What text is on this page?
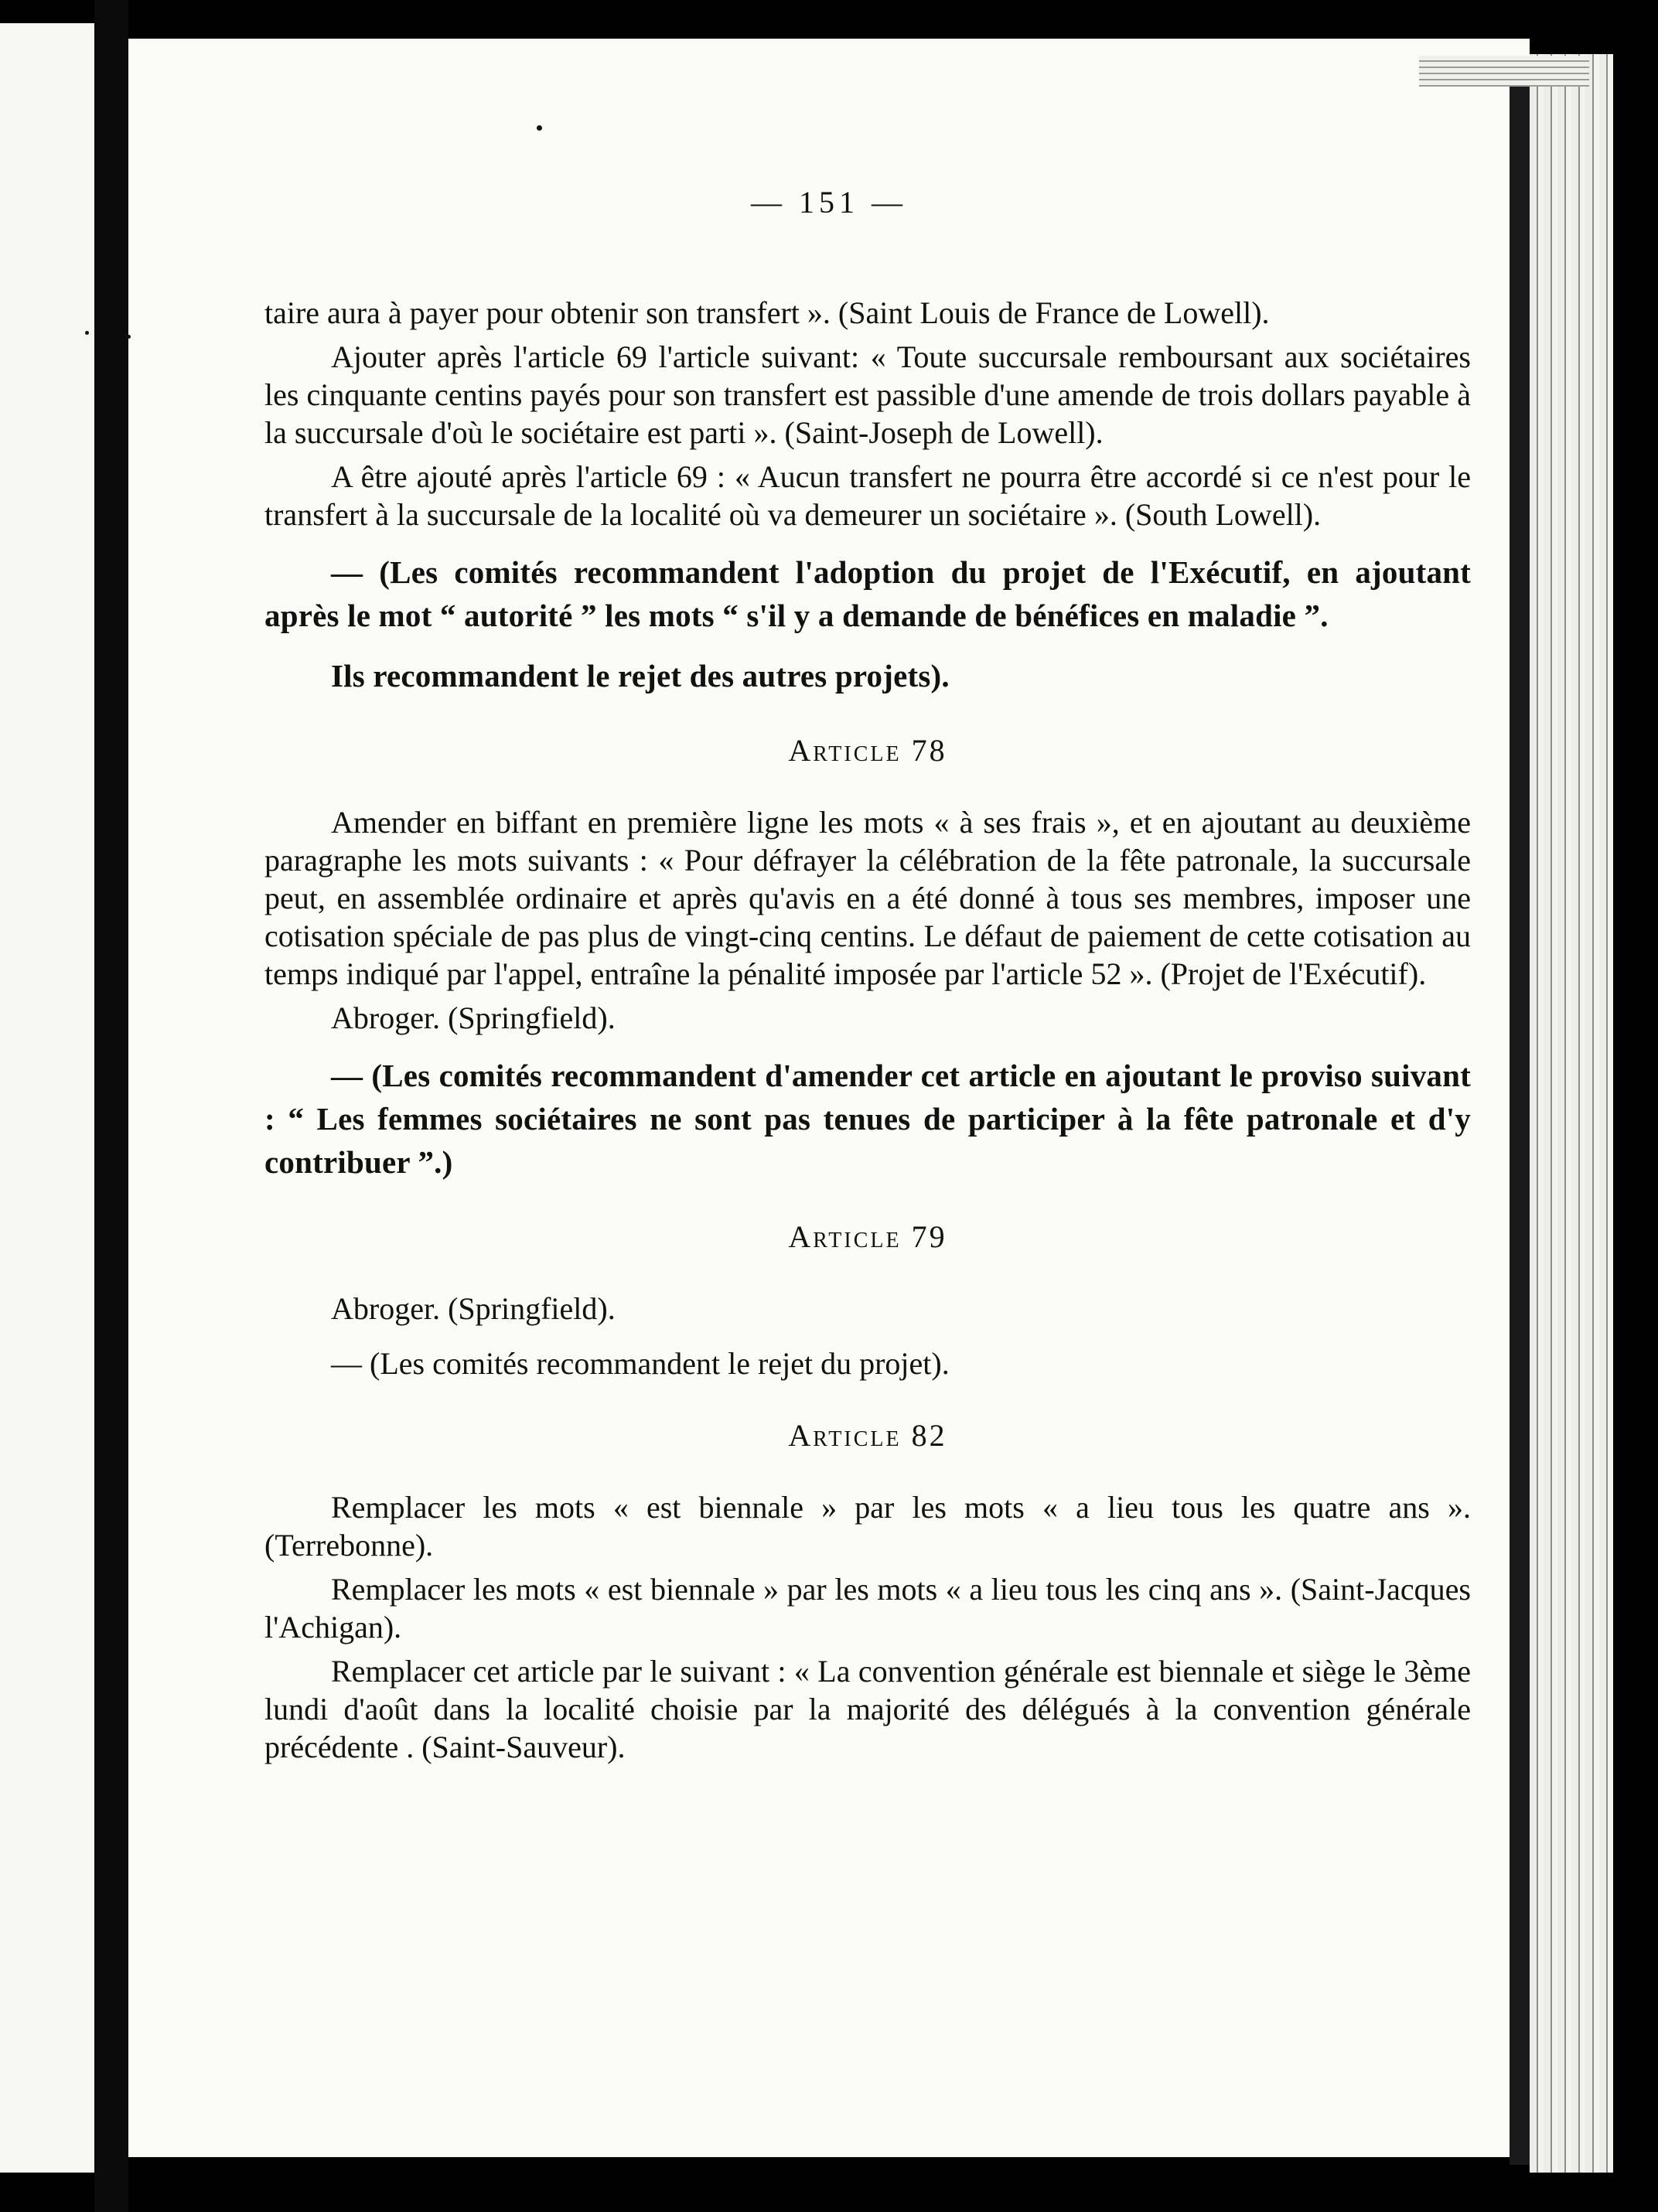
— 151 —

taire aura à payer pour obtenir son transfert ». (Saint Louis de France de Lowell).

Ajouter après l'article 69 l'article suivant: « Toute succursale remboursant aux sociétaires les cinquante centins payés pour son transfert est passible d'une amende de trois dollars payable à la succursale d'où le sociétaire est parti ». (Saint-Joseph de Lowell).

A être ajouté après l'article 69 : « Aucun transfert ne pourra être accordé si ce n'est pour le transfert à la succursale de la localité où va demeurer un sociétaire ». (South Lowell).

— (Les comités recommandent l'adoption du projet de l'Exécutif, en ajoutant après le mot “ autorité ” les mots “ s'il y a demande de bénéfices en maladie ”.

Ils recommandent le rejet des autres projets).

Article 78

Amender en biffant en première ligne les mots « à ses frais », et en ajoutant au deuxième paragraphe les mots suivants : « Pour défrayer la célébration de la fête patronale, la succursale peut, en assemblée ordinaire et après qu'avis en a été donné à tous ses membres, imposer une cotisation spéciale de pas plus de vingt-cinq centins. Le défaut de paiement de cette cotisation au temps indiqué par l'appel, entraîne la pénalité imposée par l'article 52 ». (Projet de l'Exécutif).

Abroger. (Springfield).

— (Les comités recommandent d'amender cet article en ajoutant le proviso suivant : “ Les femmes sociétaires ne sont pas tenues de participer à la fête patronale et d'y contribuer ”.)

Article 79

Abroger. (Springfield).

— (Les comités recommandent le rejet du projet).

Article 82

Remplacer les mots « est biennale » par les mots « a lieu tous les quatre ans ». (Terrebonne).

Remplacer les mots « est biennale » par les mots « a lieu tous les cinq ans ». (Saint-Jacques l'Achigan).

Remplacer cet article par le suivant : « La convention générale est biennale et siège le 3ème lundi d'août dans la localité choisie par la majorité des délégués à la convention générale précédente . (Saint-Sauveur).
